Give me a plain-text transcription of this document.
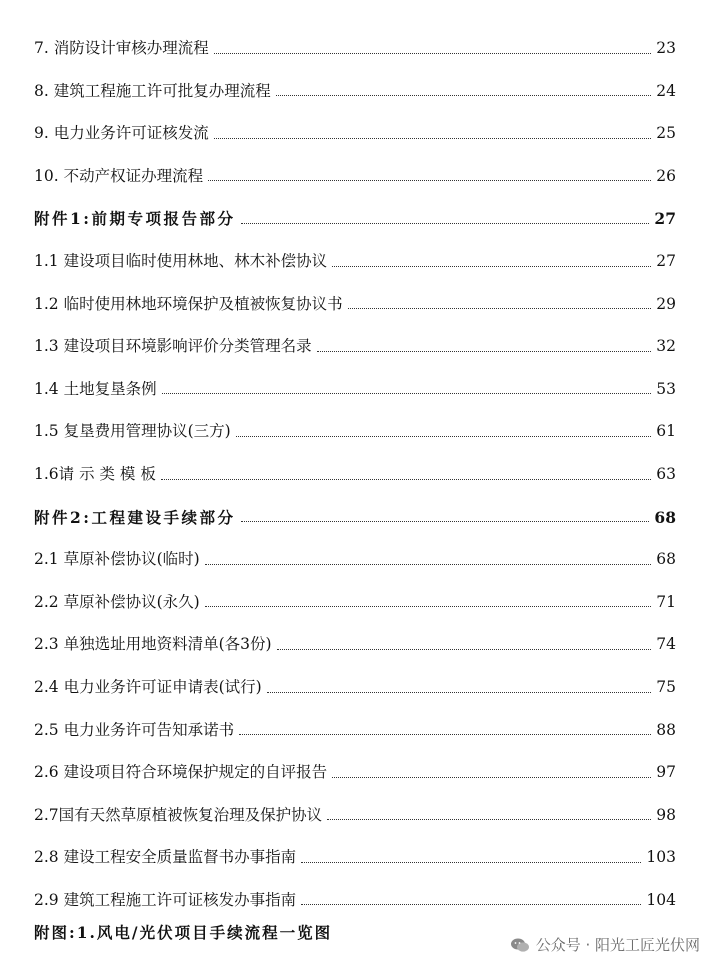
7. 消防设计审核办理流程	23
8. 建筑工程施工许可批复办理流程	24
9. 电力业务许可证核发流	25
10. 不动产权证办理流程	26
附件1:前期专项报告部分	27
1.1 建设项目临时使用林地、林木补偿协议	27
1.2 临时使用林地环境保护及植被恢复协议书	29
1.3 建设项目环境影响评价分类管理名录	32
1.4 土地复垦条例	53
1.5 复垦费用管理协议(三方)	61
1.6请 示 类 模 板	63
附件2:工程建设手续部分	68
2.1 草原补偿协议(临时)	68
2.2 草原补偿协议(永久)	71
2.3 单独选址用地资料清单(各3份)	74
2.4 电力业务许可证申请表(试行)	75
2.5 电力业务许可告知承诺书	88
2.6 建设项目符合环境保护规定的自评报告	97
2.7国有天然草原植被恢复治理及保护协议	98
2.8 建设工程安全质量监督书办事指南	103
2.9 建筑工程施工许可证核发办事指南	104
附图:1.风电/光伏项目手续流程一览图
公众号 · 阳光工匠光伏网
